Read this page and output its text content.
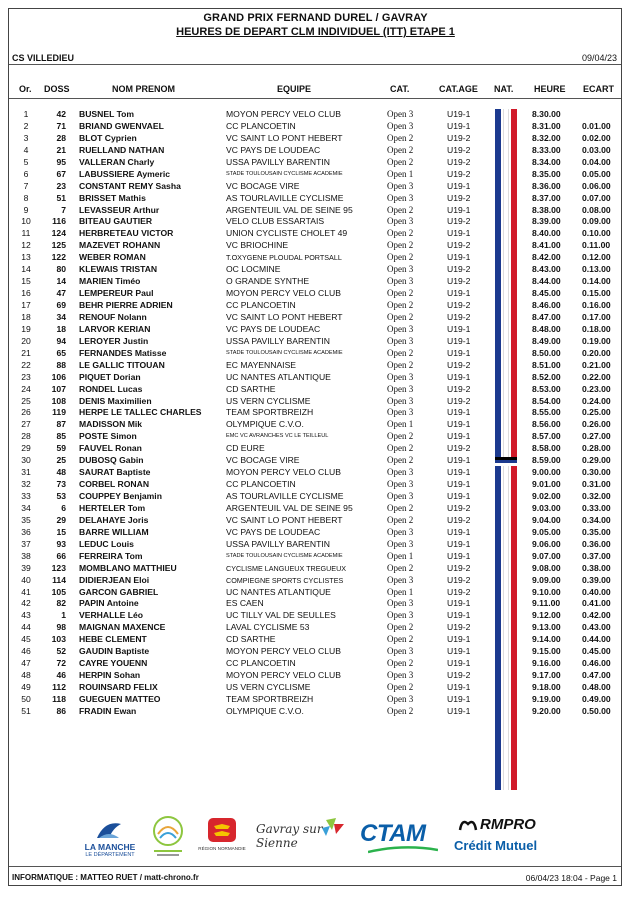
GRAND PRIX FERNAND DUREL / GAVRAY
HEURES DE DEPART CLM INDIVIDUEL (ITT) ETAPE 1
CS VILLEDIEU	09/04/23
Or. DOSS	NOM PRENOM	EQUIPE	CAT.	CAT.AGE NAT. HEURE ECART
1	42 BUSNEL Tom	MOYON PERCY VELO CLUB	Open 3	U19-1	8.30.00
2	71 BRIAND GWENVAEL	CC PLANCOETIN	Open 3	U19-1	8.31.00 0.01.00
3	28 BLOT Cyprien	VC SAINT LO PONT HEBERT	Open 2	U19-2	8.32.00 0.02.00
4	21 RUELLAND NATHAN	VC PAYS DE LOUDEAC	Open 2	U19-2	8.33.00 0.03.00
5	95 VALLERAN Charly	USSA PAVILLY BARENTIN	Open 2	U19-2	8.34.00 0.04.00
6	67 LABUSSIERE Aymeric	STADE TOULOUSAIN CYCLISME ACADEMIE	Open 1	U19-2	8.35.00 0.05.00
7	23 CONSTANT REMY Sasha	VC BOCAGE VIRE	Open 3	U19-1	8.36.00 0.06.00
8	51 BRISSET Mathis	AS TOURLAVILLE CYCLISME	Open 3	U19-2	8.37.00 0.07.00
9	7 LEVASSEUR Arthur	ARGENTEUIL VAL DE SEINE 95	Open 2	U19-1	8.38.00 0.08.00
10	116 BITEAU GAUTIER	VELO CLUB ESSARTAIS	Open 3	U19-2	8.39.00 0.09.00
11	124 HERBRETEAU VICTOR	UNION CYCLISTE CHOLET 49	Open 2	U19-1	8.40.00 0.10.00
12	125 MAZEVET ROHANN	VC BRIOCHINE	Open 2	U19-2	8.41.00 0.11.00
13	122 WEBER ROMAN	T.OXYGENE PLOUDAL PORTSALL	Open 2	U19-1	8.42.00 0.12.00
14	80 KLEWAIS TRISTAN	OC LOCMINE	Open 3	U19-2	8.43.00 0.13.00
15	14 MARIEN Timéo	O GRANDE SYNTHE	Open 3	U19-2	8.44.00 0.14.00
16	47 LEMPEREUR Paul	MOYON PERCY VELO CLUB	Open 2	U19-1	8.45.00 0.15.00
17	69 BEHR PIERRE ADRIEN	CC PLANCOETIN	Open 2	U19-2	8.46.00 0.16.00
18	34 RENOUF Nolann	VC SAINT LO PONT HEBERT	Open 2	U19-2	8.47.00 0.17.00
19	18 LARVOR KERIAN	VC PAYS DE LOUDEAC	Open 3	U19-1	8.48.00 0.18.00
20	94 LEROYER Justin	USSA PAVILLY BARENTIN	Open 3	U19-1	8.49.00 0.19.00
21	65 FERNANDES Matisse	STADE TOULOUSAIN CYCLISME ACADEMIE	Open 2	U19-1	8.50.00 0.20.00
22	88 LE GALLIC TITOUAN	EC MAYENNAISE	Open 2	U19-2	8.51.00 0.21.00
23	106 PIQUET Dorian	UC NANTES ATLANTIQUE	Open 3	U19-1	8.52.00 0.22.00
24	107 RONDEL Lucas	CD SARTHE	Open 3	U19-2	8.53.00 0.23.00
25	108 DENIS Maximilien	US VERN CYCLISME	Open 3	U19-2	8.54.00 0.24.00
26	119 HERPE LE TALLEC CHARLES	TEAM SPORTBREIZH	Open 3	U19-1	8.55.00 0.25.00
27	87 MADISSON Mik	OLYMPIQUE C.V.O.	Open 1	U19-1	8.56.00 0.26.00
28	85 POSTE Simon	EMC VC AVRANCHES VC LE TEILLEUL	Open 2	U19-1	8.57.00 0.27.00
29	59 FAUVEL Ronan	CD EURE	Open 2	U19-2	8.58.00 0.28.00
30	25 DUBOSQ Gabin	VC BOCAGE VIRE	Open 2	U19-1	8.59.00 0.29.00
31	48 SAURAT Baptiste	MOYON PERCY VELO CLUB	Open 3	U19-1	9.00.00 0.30.00
32	73 CORBEL RONAN	CC PLANCOETIN	Open 3	U19-1	9.01.00 0.31.00
33	53 COUPPEY Benjamin	AS TOURLAVILLE CYCLISME	Open 3	U19-1	9.02.00 0.32.00
34	6 HERTELER Tom	ARGENTEUIL VAL DE SEINE 95	Open 2	U19-2	9.03.00 0.33.00
35	29 DELAHAYE Joris	VC SAINT LO PONT HEBERT	Open 2	U19-2	9.04.00 0.34.00
36	15 BARRE WILLIAM	VC PAYS DE LOUDEAC	Open 3	U19-1	9.05.00 0.35.00
37	93 LEDUC Louis	USSA PAVILLY BARENTIN	Open 3	U19-1	9.06.00 0.36.00
38	66 FERREIRA Tom	STADE TOULOUSAIN CYCLISME ACADEMIE	Open 1	U19-1	9.07.00 0.37.00
39	123 MOMBLANO MATTHIEU	CYCLISME LANGUEUX TREGUEUX	Open 2	U19-2	9.08.00 0.38.00
40	114 DIDIERJEAN Eloi	COMPIEGNE SPORTS CYCLISTES	Open 3	U19-2	9.09.00 0.39.00
41	105 GARCON GABRIEL	UC NANTES ATLANTIQUE	Open 1	U19-2	9.10.00 0.40.00
42	82 PAPIN Antoine	ES CAEN	Open 3	U19-1	9.11.00	0.41.00
43	1 VERHALLE Léo	UC TILLY VAL DE SEULLES	Open 3	U19-1	9.12.00 0.42.00
44	98 MAIGNAN MAXENCE	LAVAL CYCLISME 53	Open 2	U19-2	9.13.00 0.43.00
45	103 HEBE CLEMENT	CD SARTHE	Open 2	U19-1	9.14.00 0.44.00
46	52 GAUDIN Baptiste	MOYON PERCY VELO CLUB	Open 3	U19-1	9.15.00 0.45.00
47	72 CAYRE YOUENN	CC PLANCOETIN	Open 2	U19-1	9.16.00 0.46.00
48	46 HERPIN Sohan	MOYON PERCY VELO CLUB	Open 3	U19-2	9.17.00 0.47.00
49	112 ROUINSARD FELIX	US VERN CYCLISME	Open 2	U19-1	9.18.00 0.48.00
50	118 GUEGUEN MATTEO	TEAM SPORTBREIZH	Open 3	U19-1	9.19.00 0.49.00
51	86 FRADIN Ewan	OLYMPIQUE C.V.O.	Open 2	U19-1	9.20.00 0.50.00
LA MANCHE
LE DÉPARTEMENT
RÉGION NORMANDIE
Gavray sur Sienne	CTAM	RMPRO
Crédit Mutuel
INFORMATIQUE : MATTEO RUET / matt-chrono.fr	06/04/23 18:04 - Page 1
